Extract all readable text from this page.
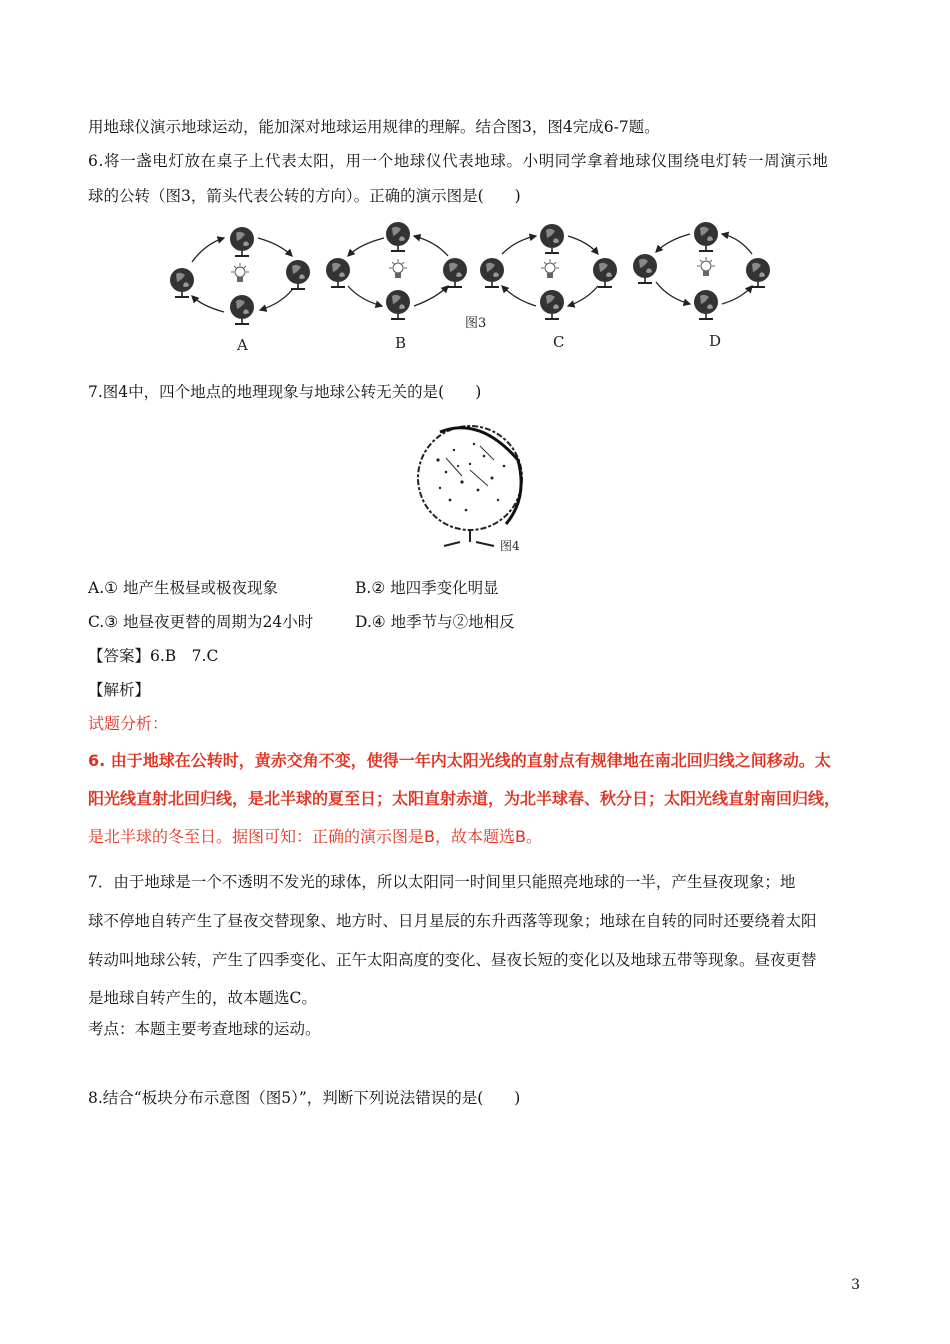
用地球仪演示地球运动，能加深对地球运用规律的理解。结合图3，图4完成6-7题。
6.将一盏电灯放在桌子上代表太阳，用一个地球仪代表地球。小明同学拿着地球仪围绕电灯转一周演示地
球的公转（图3，箭头代表公转的方向）。正确的演示图是(　　)
图3
A	B	C	D
7.图4中，四个地点的地理现象与地球公转无关的是(　　)
图4
A.① 地产生极昼或极夜现象	B.② 地四季变化明显
C.③ 地昼夜更替的周期为24小时	D.④ 地季节与②地相反
【答案】6.B　7.C
【解析】
试题分析：
6. 由于地球在公转时，黄赤交角不变，使得一年内太阳光线的直射点有规律地在南北回归线之间移动。太
阳光线直射北回归线，是北半球的夏至日；太阳直射赤道，为北半球春、秋分日；太阳光线直射南回归线，
是北半球的冬至日。据图可知：正确的演示图是B，故本题选B。
7．由于地球是一个不透明不发光的球体，所以太阳同一时间里只能照亮地球的一半，产生昼夜现象；地
球不停地自转产生了昼夜交替现象、地方时、日月星辰的东升西落等现象；地球在自转的同时还要绕着太阳
转动叫地球公转，产生了四季变化、正午太阳高度的变化、昼夜长短的变化以及地球五带等现象。昼夜更替
是地球自转产生的，故本题选C。
考点：本题主要考查地球的运动。
8.结合“板块分布示意图（图5）”，判断下列说法错误的是(　　)
3
